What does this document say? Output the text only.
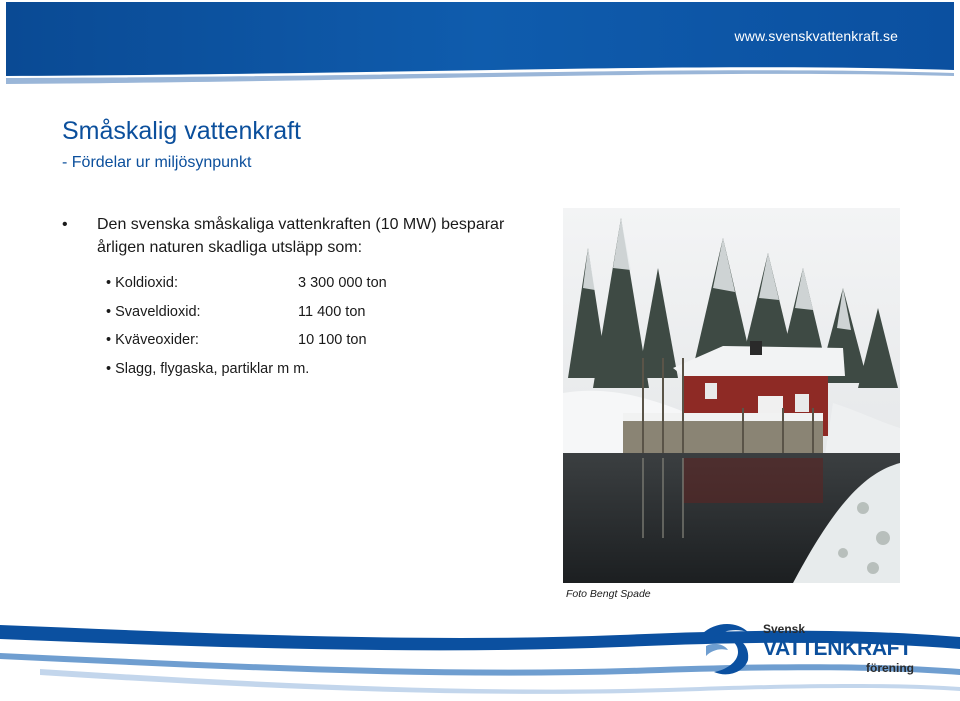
www.svenskvattenkraft.se
Småskalig vattenkraft
- Fördelar ur miljösynpunkt
• Den svenska småskaliga vattenkraften (10 MW) besparar årligen naturen skadliga utsläpp som:
• Koldioxid:	3 300 000 ton
• Svaveldioxid:	11 400 ton
• Kväveoxider:	10 100 ton
• Slagg, flygaska, partiklar m m.
Foto Bengt Spade
Svensk
VATTENKRAFT
förening
